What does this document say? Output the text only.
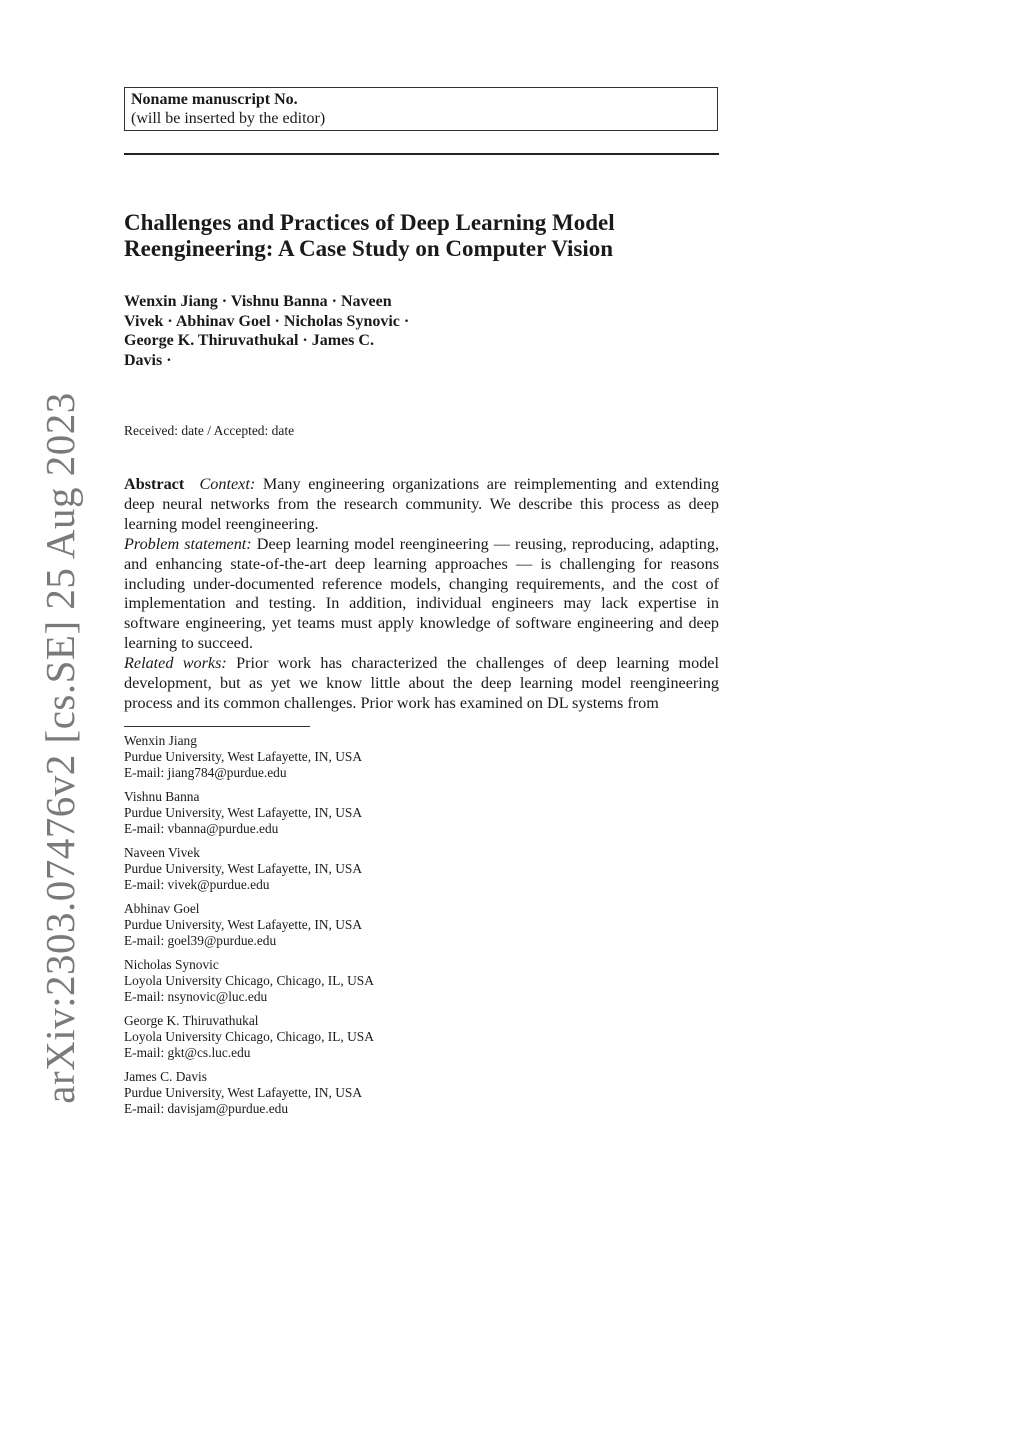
arXiv:2303.07476v2 [cs.SE] 25 Aug 2023
Noname manuscript No.
(will be inserted by the editor)
Challenges and Practices of Deep Learning Model Reengineering: A Case Study on Computer Vision
Wenxin Jiang · Vishnu Banna · Naveen
Vivek · Abhinav Goel · Nicholas Synovic ·
George K. Thiruvathukal · James C.
Davis ·
Received: date / Accepted: date

Abstract Context: Many engineering organizations are reimplementing and extending deep neural networks from the research community. We describe this process as deep learning model reengineering.

Problem statement: Deep learning model reengineering — reusing, reproducing, adapting, and enhancing state-of-the-art deep learning approaches — is challenging for reasons including under-documented reference models, changing requirements, and the cost of implementation and testing. In addition, individual engineers may lack expertise in software engineering, yet teams must apply knowledge of software engineering and deep learning to succeed.

Related works: Prior work has characterized the challenges of deep learning model development, but as yet we know little about the deep learning model reengineering process and its common challenges. Prior work has examined on DL systems from

Wenxin Jiang
Purdue University, West Lafayette, IN, USA
E-mail: jiang784@purdue.edu
Vishnu Banna
Purdue University, West Lafayette, IN, USA
E-mail: vbanna@purdue.edu
Naveen Vivek
Purdue University, West Lafayette, IN, USA
E-mail: vivek@purdue.edu
Abhinav Goel
Purdue University, West Lafayette, IN, USA
E-mail: goel39@purdue.edu
Nicholas Synovic
Loyola University Chicago, Chicago, IL, USA
E-mail: nsynovic@luc.edu
George K. Thiruvathukal
Loyola University Chicago, Chicago, IL, USA
E-mail: gkt@cs.luc.edu
James C. Davis
Purdue University, West Lafayette, IN, USA
E-mail: davisjam@purdue.edu
